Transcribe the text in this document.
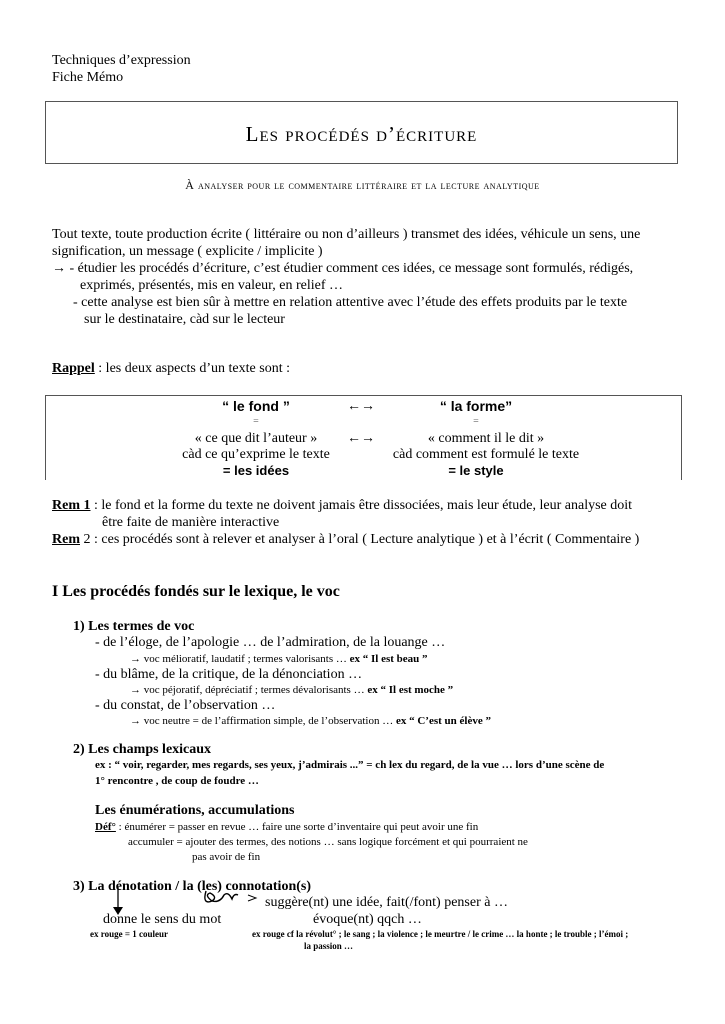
Techniques d’expression
Fiche Mémo
Les procédés d’écriture
À analyser pour le commentaire littéraire et la lecture analytique
Tout texte, toute production écrite ( littéraire ou non d’ailleurs ) transmet des idées, véhicule un sens, une
signification, un message ( explicite / implicite )
→ - étudier les procédés d’écriture, c’est étudier comment ces idées, ce message sont formulés, rédigés,
exprimés, présentés, mis en valeur, en relief …
- cette analyse est bien sûr à mettre en relation attentive avec l’étude des effets produits par le texte
sur le destinataire, càd sur le lecteur
Rappel : les deux aspects d’un texte sont :
“ le fond ”	←→	“ la forme”
=	=
« ce que dit l’auteur »	←→	« comment il le dit »
càd ce qu’exprime le texte	càd comment est formulé le texte
= les idées	= le style
Rem 1 : le fond et la forme du texte ne doivent jamais être dissociées, mais leur étude, leur analyse doit
être faite de manière interactive
Rem 2 : ces procédés sont à relever et analyser à l’oral ( Lecture analytique ) et à l’écrit ( Commentaire )
I Les procédés fondés sur le lexique, le voc
1) Les termes de voc
- de l’éloge, de l’apologie … de l’admiration, de la louange …
→ voc mélioratif, laudatif ; termes valorisants … ex “ Il est beau ”
- du blâme, de la critique, de la dénonciation …
→ voc péjoratif, dépréciatif ; termes dévalorisants … ex “ Il est moche ”
- du constat, de l’observation …
→ voc neutre = de l’affirmation simple, de l’observation … ex “ C’est un élève ”
2) Les champs lexicaux
ex : “ voir, regarder, mes regards, ses yeux, j’admirais ...” = ch lex du regard, de la vue … lors d’une scène de
1° rencontre , de coup de foudre …
Les énumérations, accumulations
Déf° : énumérer = passer en revue … faire une sorte d’inventaire qui peut avoir une fin
accumuler = ajouter des termes, des notions … sans logique forcément et qui pourraient ne
pas avoir de fin
3) La dénotation / la (les) connotation(s)
suggère(nt) une idée, fait(/font) penser à …
donne le sens du mot	évoque(nt) qqch …
ex rouge = 1 couleur	ex rouge cf la révolut° ; le sang ; la violence ; le meurtre / le crime … la honte ; le trouble ; l’émoi ;
la passion …
